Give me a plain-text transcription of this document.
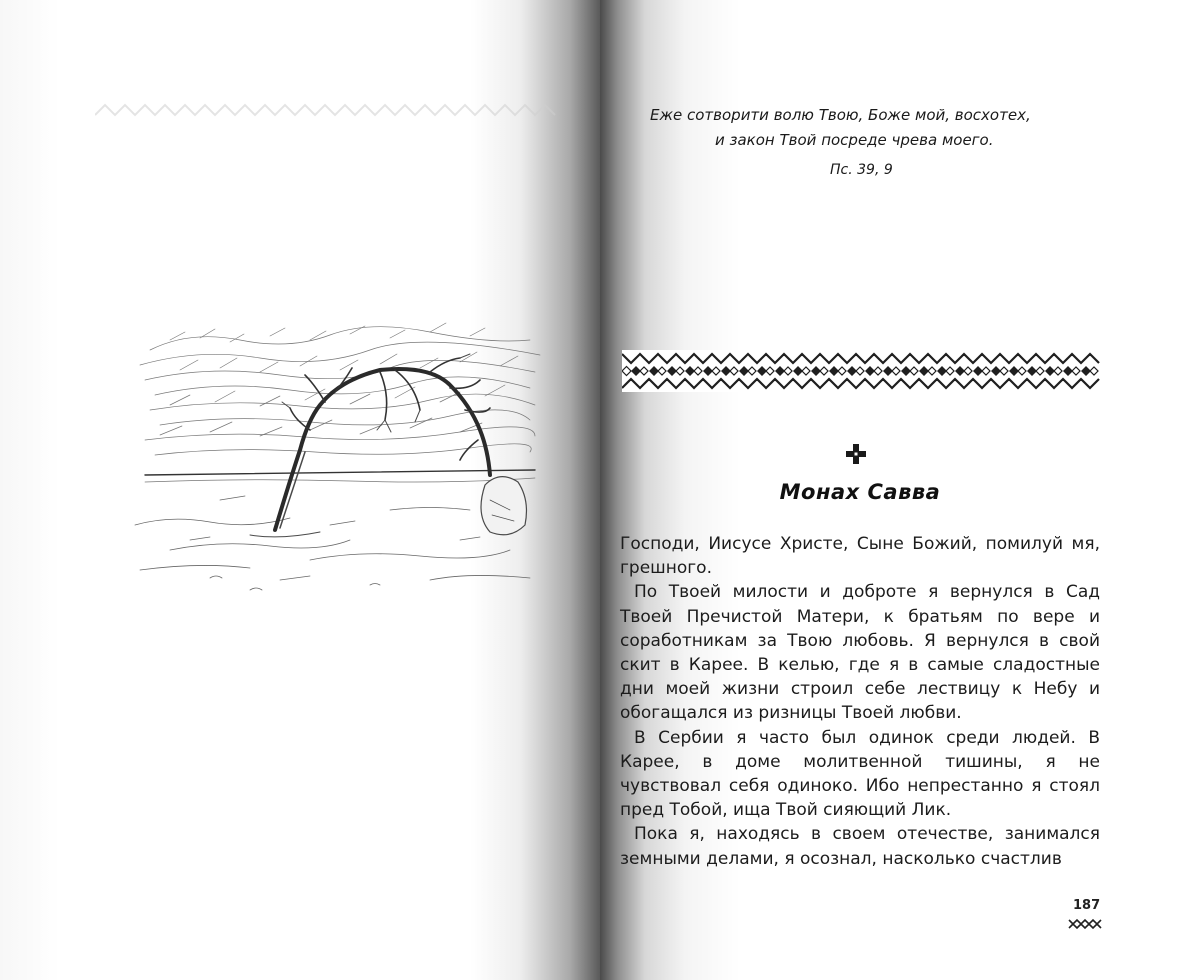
Еже сотворити волю Твою, Боже мой, восхотех,
и закон Твой посреде чрева моего.
Пс. 39, 9
Монах Савва

Господи, Иисусе Христе, Сыне Божий, помилуй мя, грешного.

По Твоей милости и доброте я вернулся в Сад Твоей Пречистой Матери, к братьям по вере и соработникам за Твою любовь. Я вернулся в свой скит в Карее. В келью, где я в самые сладостные дни моей жизни строил себе лествицу к Небу и обогащался из ризницы Твоей любви.

В Сербии я часто был одинок среди людей. В Карее, в доме молитвенной тишины, я не чувствовал себя одиноко. Ибо непрестанно я стоял пред Тобой, ища Твой сияющий Лик.

Пока я, находясь в своем отечестве, занимался земными делами, я осознал, насколько счастлив

187
